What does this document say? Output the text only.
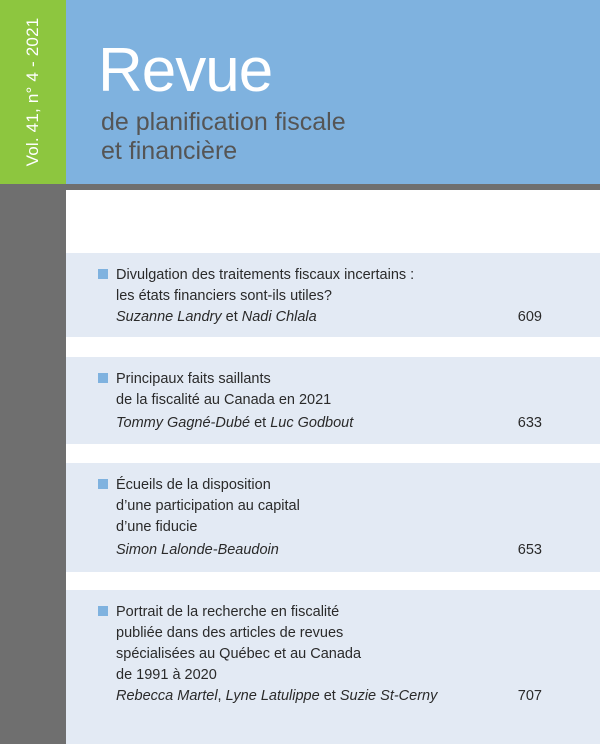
Vol. 41, n° 4 - 2021 Revue
de planification fiscale
et financière
Divulgation des traitements fiscaux incertains :
les états financiers sont-ils utiles?
Suzanne Landry et Nadi Chlala	609
Principaux faits saillants
de la fiscalité au Canada en 2021
Tommy Gagné-Dubé et Luc Godbout	633
Écueils de la disposition
d’une participation au capital
d’une fiducie
Simon Lalonde-Beaudoin	653
Portrait de la recherche en fiscalité
publiée dans des articles de revues
spécialisées au Québec et au Canada
de 1991 à 2020
Rebecca Martel, Lyne Latulippe et Suzie St-Cerny	707
